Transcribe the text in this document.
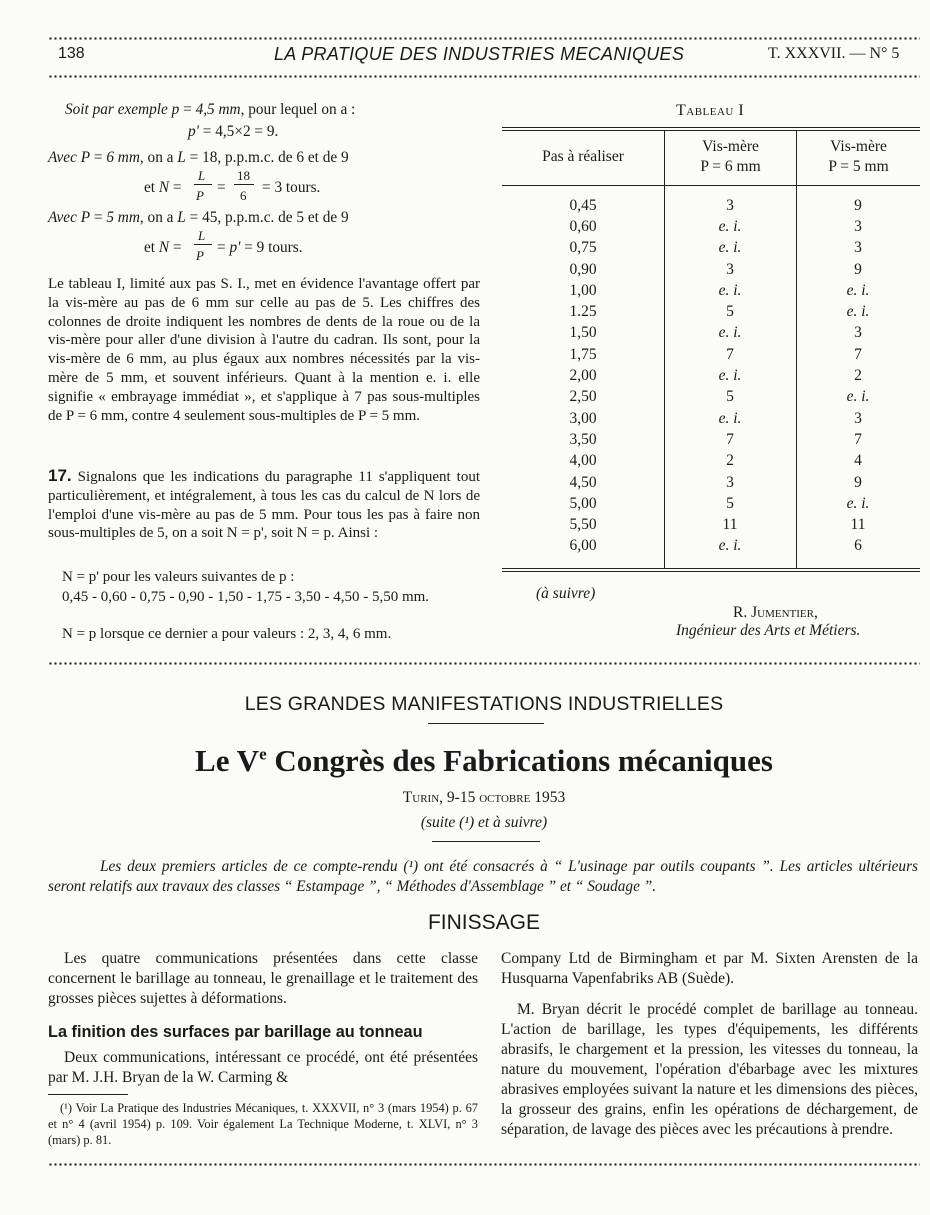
138	LA PRATIQUE DES INDUSTRIES MECANIQUES	T. XXXVII. — N° 5
Soit par exemple p = 4,5 mm, pour lequel on a :
p' = 4,5×2 = 9.
Avec P = 6 mm, on a L = 18, p.p.m.c. de 6 et de 9
et N =
L
P =
18
6 = 3 tours.
Avec P = 5 mm, on a L = 45, p.p.m.c. de 5 et de 9
et N =
L
P = p' = 9 tours.
Le tableau I, limité aux pas S. I., met en évidence l'avantage offert par la vis-mère au pas de 6 mm sur celle au pas de 5. Les chiffres des colonnes de droite indiquent les nombres de dents de la roue ou de la vis-mère pour aller d'une division à l'autre du cadran. Ils sont, pour la vis-mère de 6 mm, au plus égaux aux nombres nécessités par la vis-mère de 5 mm, et souvent inférieurs. Quant à la mention e. i. elle signifie « embrayage immédiat », et s'applique à 7 pas sous-multiples de P = 6 mm, contre 4 seulement sous-multiples de P = 5 mm.
17. Signalons que les indications du paragraphe 11 s'appliquent tout particulièrement, et intégralement, à tous les cas du calcul de N lors de l'emploi d'une vis-mère au pas de 5 mm. Pour tous les pas à faire non sous-multiples de 5, on a soit N = p', soit N = p. Ainsi :
N = p' pour les valeurs suivantes de p :
0,45 - 0,60 - 0,75 - 0,90 - 1,50 - 1,75 - 3,50 - 4,50 - 5,50 mm.
N = p lorsque ce dernier a pour valeurs : 2, 3, 4, 6 mm.
Tableau I
Pas à réaliser
Vis-mère
P = 6 mm
Vis-mère
P = 5 mm
0,45	3	9
0,60	e. i.	3
0,75	e. i.	3
0,90	3	9
1,00	e. i.	e. i.
1.25	5	e. i.
1,50	e. i.	3
1,75	7	7
2,00	e. i.	2
2,50	5	e. i.
3,00	e. i.	3
3,50	7	7
4,00	2	4
4,50	3	9
5,00	5	e. i.
5,50	11	11
6,00	e. i.	6
(à suivre)
R. Jumentier,
Ingénieur des Arts et Métiers.
LES GRANDES MANIFESTATIONS INDUSTRIELLES
Le Ve Congrès des Fabrications mécaniques
Turin, 9-15 octobre 1953
(suite (¹) et à suivre)
Les deux premiers articles de ce compte-rendu (¹) ont été consacrés à “ L'usinage par outils coupants ”. Les articles ultérieurs seront relatifs aux travaux des classes “ Estampage ”, “ Méthodes d'Assemblage ” et “ Soudage ”.
FINISSAGE
Les quatre communications présentées dans cette classe concernent le barillage au tonneau, le grenaillage et le traitement des grosses pièces sujettes à déformations.
La finition des surfaces par barillage au tonneau
Deux communications, intéressant ce procédé, ont été présentées par M. J.H. Bryan de la W. Carming &
(¹) Voir La Pratique des Industries Mécaniques, t. XXXVII, n° 3 (mars 1954) p. 67 et n° 4 (avril 1954) p. 109. Voir également La Technique Moderne, t. XLVI, n° 3 (mars) p. 81.
Company Ltd de Birmingham et par M. Sixten Arensten de la Husquarna Vapenfabriks AB (Suède).
M. Bryan décrit le procédé complet de barillage au tonneau. L'action de barillage, les types d'équipements, les différents abrasifs, le chargement et la pression, les vitesses du tonneau, la nature du mouvement, l'opération d'ébarbage avec les mixtures abrasives employées suivant la nature et les dimensions des pièces, la grosseur des grains, enfin les opérations de déchargement, de séparation, de lavage des pièces avec les précautions à prendre.
